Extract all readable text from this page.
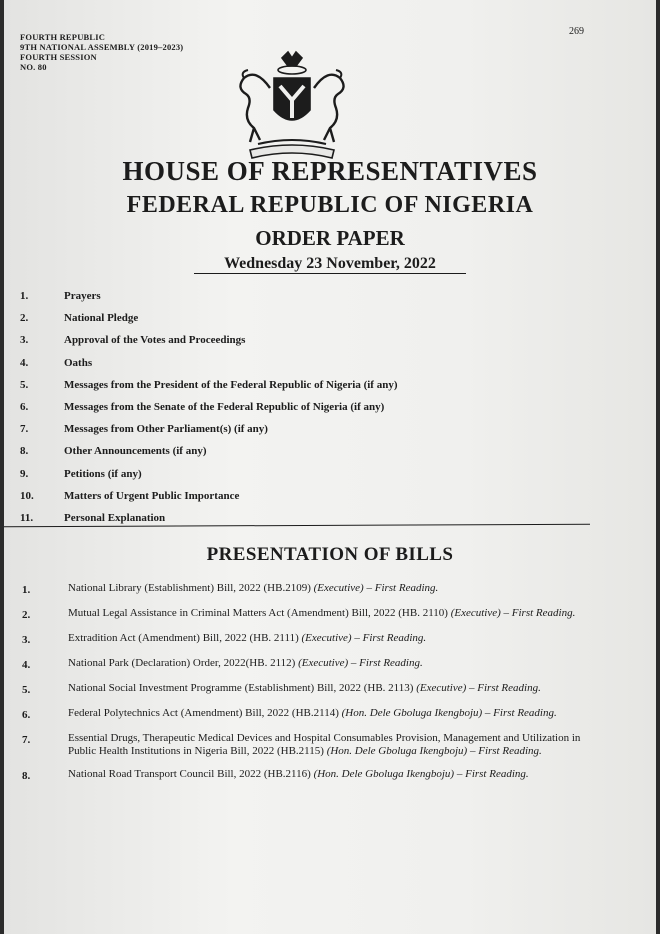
FOURTH REPUBLIC
9TH NATIONAL ASSEMBLY (2019–2023)
FOURTH SESSION
NO. 80
269
HOUSE OF REPRESENTATIVES
FEDERAL REPUBLIC OF NIGERIA
ORDER PAPER
Wednesday 23 November, 2022
1.	Prayers
2.	National Pledge
3.	Approval of the Votes and Proceedings
4.	Oaths
5.	Messages from the President of the Federal Republic of Nigeria (if any)
6.	Messages from the Senate of the Federal Republic of Nigeria (if any)
7.	Messages from Other Parliament(s) (if any)
8.	Other Announcements (if any)
9.	Petitions (if any)
10.	Matters of Urgent Public Importance
11.	Personal Explanation
PRESENTATION OF BILLS
1.	National Library (Establishment) Bill, 2022 (HB.2109) (Executive) – First Reading.
2.	Mutual Legal Assistance in Criminal Matters Act (Amendment) Bill, 2022 (HB. 2110) (Executive) – First Reading.
3.	Extradition Act (Amendment) Bill, 2022 (HB. 2111) (Executive) – First Reading.
4.	National Park (Declaration) Order, 2022(HB. 2112) (Executive) – First Reading.
5.	National Social Investment Programme (Establishment) Bill, 2022 (HB. 2113) (Executive) – First Reading.
6.	Federal Polytechnics Act (Amendment) Bill, 2022 (HB.2114) (Hon. Dele Gboluga Ikengboju) – First Reading.
7.	Essential Drugs, Therapeutic Medical Devices and Hospital Consumables Provision, Management and Utilization in Public Health Institutions in Nigeria Bill, 2022 (HB.2115) (Hon. Dele Gboluga Ikengboju) – First Reading.
8.	National Road Transport Council Bill, 2022 (HB.2116) (Hon. Dele Gboluga Ikengboju) – First Reading.
